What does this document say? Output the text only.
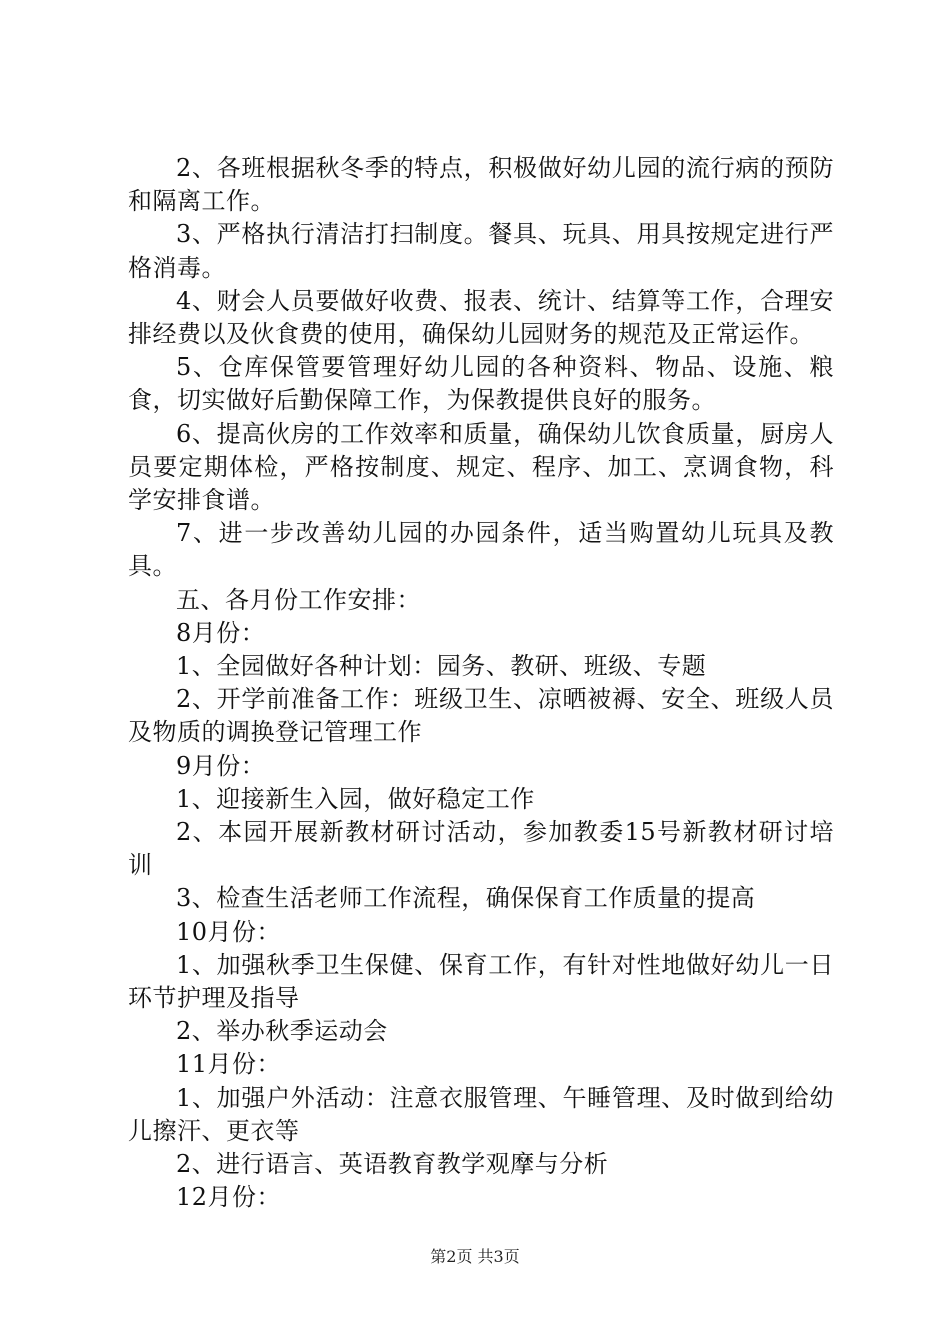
2、各班根据秋冬季的特点，积极做好幼儿园的流行病的预防和隔离工作。

3、严格执行清洁打扫制度。餐具、玩具、用具按规定进行严格消毒。

4、财会人员要做好收费、报表、统计、结算等工作，合理安排经费以及伙食费的使用，确保幼儿园财务的规范及正常运作。

5、仓库保管要管理好幼儿园的各种资料、物品、设施、粮食，切实做好后勤保障工作，为保教提供良好的服务。

6、提高伙房的工作效率和质量，确保幼儿饮食质量，厨房人员要定期体检，严格按制度、规定、程序、加工、烹调食物，科学安排食谱。

7、进一步改善幼儿园的办园条件，适当购置幼儿玩具及教具。

五、各月份工作安排：

8月份：

1、全园做好各种计划：园务、教研、班级、专题

2、开学前准备工作：班级卫生、凉晒被褥、安全、班级人员及物质的调换登记管理工作

9月份：

1、迎接新生入园，做好稳定工作

2、本园开展新教材研讨活动，参加教委15号新教材研讨培训

3、检查生活老师工作流程，确保保育工作质量的提高

10月份：

1、加强秋季卫生保健、保育工作，有针对性地做好幼儿一日环节护理及指导

2、举办秋季运动会

11月份：

1、加强户外活动：注意衣服管理、午睡管理、及时做到给幼儿擦汗、更衣等

2、进行语言、英语教育教学观摩与分析

12月份：

第2页 共3页
